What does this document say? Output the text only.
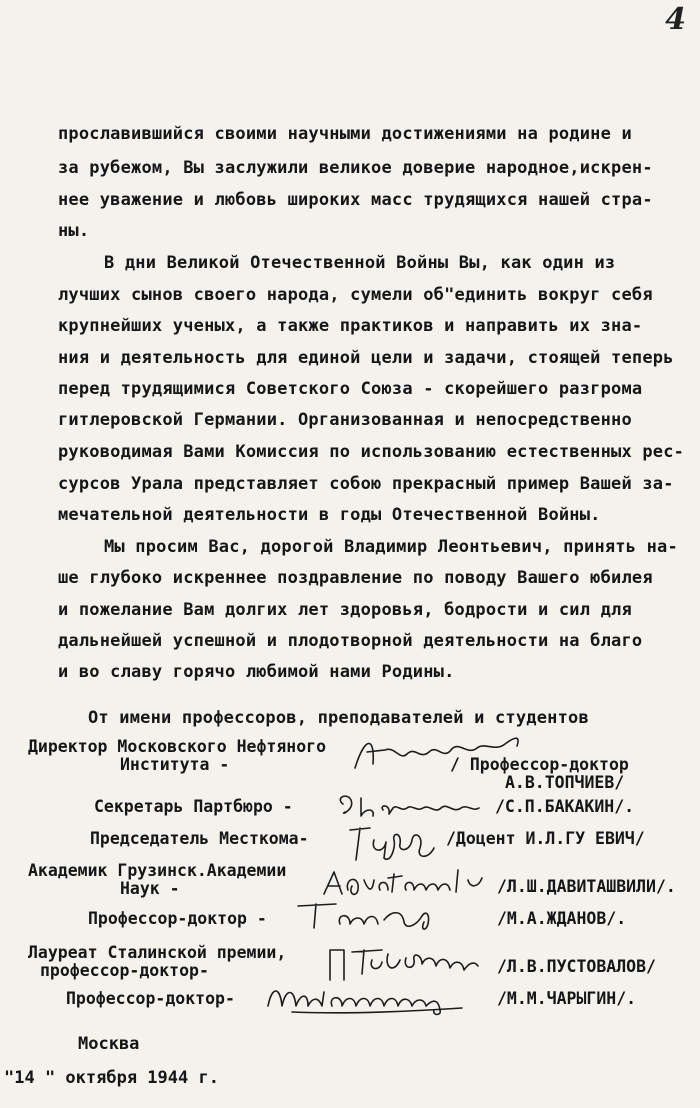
4
прославившийся своими научными достижениями на родине и
за рубежом, Вы заслужили великое доверие народное,искрен-
нее уважение и любовь широких масс трудящихся нашей стра-
ны.
В дни Великой Отечественной Войны Вы, как один из
лучших сынов своего народа, сумели об"единить вокруг себя
крупнейших ученых, а также практиков и направить их зна-
ния и деятельность для единой цели и задачи, стоящей теперь
перед трудящимися Советского Союза - скорейшего разгрома
гитлеровской Германии. Организованная и непосредственно
руководимая Вами Комиссия по использованию естественных рес-
сурсов Урала представляет собою прекрасный пример Вашей за-
мечательной деятельности в годы Отечественной Войны.
Мы просим Вас, дорогой Владимир Леонтьевич, принять на-
ше глубоко искреннее поздравление по поводу Вашего юбилея
и пожелание Вам долгих лет здоровья, бодрости и сил для
дальнейшей успешной и плодотворной деятельности на благо
и во славу горячо любимой нами Родины.
От имени профессоров, преподавателей и студентов
Директор Московского Нефтяного
Института -	/ Профессор-доктор
А.В.ТОПЧИЕВ/
Секретарь Партбюро -	/С.П.БАКАКИН/.
Председатель Месткома-	/Доцент И.Л.ГУ ЕВИЧ/
Академик Грузинск.Академии
Наук -	/Л.Ш.ДАВИТАШВИЛИ/.
Профессор-доктор -	/М.А.ЖДАНОВ/.
Лауреат Сталинской премии,
профессор-доктор-	/Л.В.ПУСТОВАЛОВ/
Профессор-доктор-	/М.М.ЧАРЫГИН/.
Москва
"14 " октября 1944 г.
